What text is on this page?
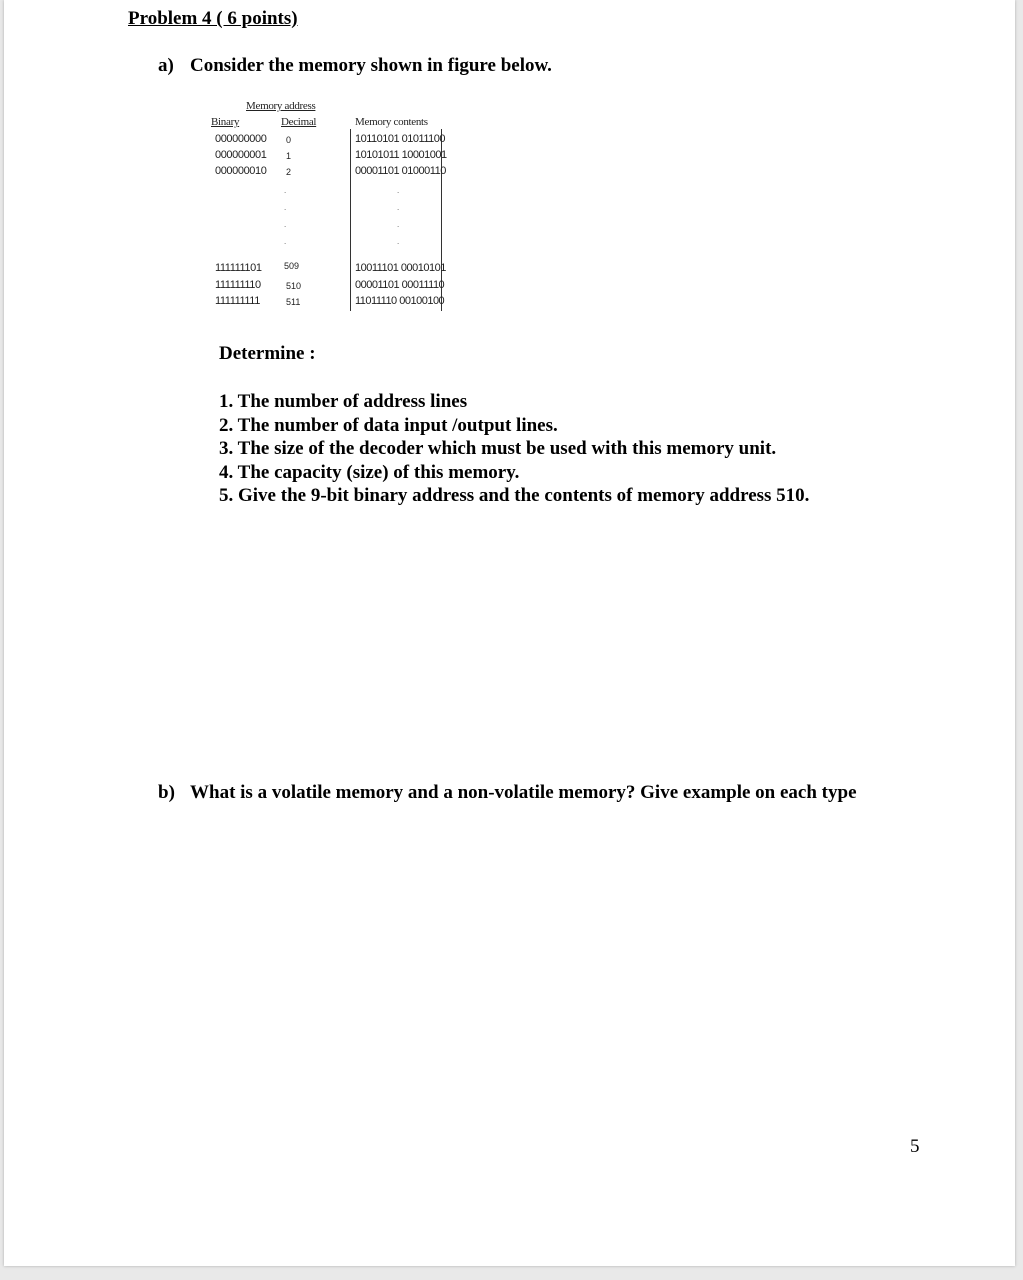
Problem 4 ( 6 points)
a) Consider the memory shown in figure below.
Memory address
Binary	Decimal	Memory contents
000000000 0	10110101 01011100
000000001 1	10101011 10001001
000000010 2	00001101 01000110
.
.
.
.
.
.
.
.
111111101 509	10011101 00010101
111111110	510	00001101 00011110
111111111	511	11011110 00100100
Determine :
1. The number of address lines
2. The number of data input /output lines.
3. The size of the decoder which must be used with this memory unit.
4. The capacity (size) of this memory.
5. Give the 9-bit binary address and the contents of memory address 510.
b) What is a volatile memory and a non-volatile memory? Give example on each type
5
